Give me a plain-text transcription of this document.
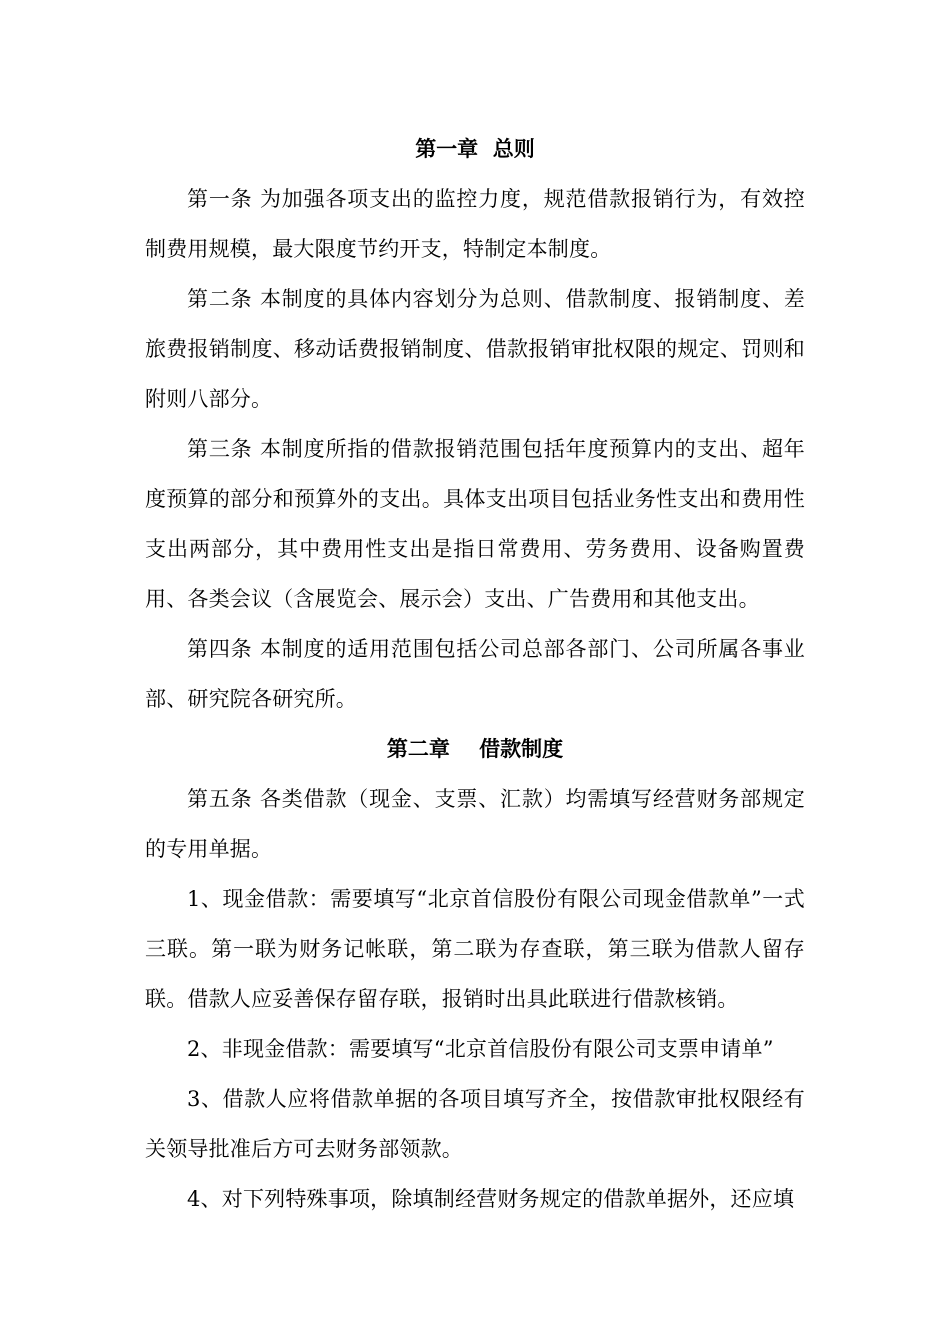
第一章  总则

第一条 为加强各项支出的监控力度，规范借款报销行为，有效控制费用规模，最大限度节约开支，特制定本制度。

第二条 本制度的具体内容划分为总则、借款制度、报销制度、差旅费报销制度、移动话费报销制度、借款报销审批权限的规定、罚则和附则八部分。

第三条 本制度所指的借款报销范围包括年度预算内的支出、超年度预算的部分和预算外的支出。具体支出项目包括业务性支出和费用性支出两部分，其中费用性支出是指日常费用、劳务费用、设备购置费用、各类会议（含展览会、展示会）支出、广告费用和其他支出。

第四条 本制度的适用范围包括公司总部各部门、公司所属各事业部、研究院各研究所。

第二章    借款制度

第五条 各类借款（现金、支票、汇款）均需填写经营财务部规定的专用单据。

1、现金借款：需要填写“北京首信股份有限公司现金借款单”一式三联。第一联为财务记帐联，第二联为存查联，第三联为借款人留存联。借款人应妥善保存留存联，报销时出具此联进行借款核销。

2、非现金借款：需要填写“北京首信股份有限公司支票申请单”

3、借款人应将借款单据的各项目填写齐全，按借款审批权限经有关领导批准后方可去财务部领款。

4、对下列特殊事项，除填制经营财务规定的借款单据外，还应填
